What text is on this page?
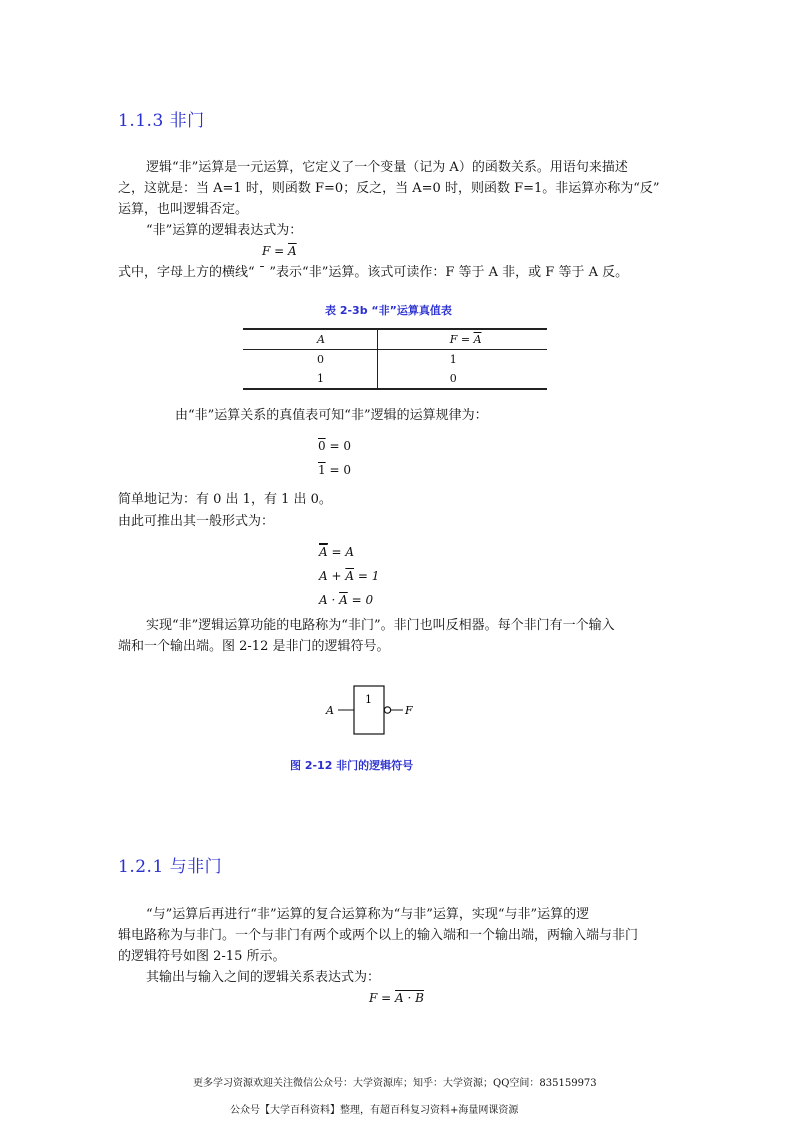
1.1.3 非门
逻辑“非”运算是一元运算，它定义了一个变量（记为 A）的函数关系。用语句来描述
之，这就是：当 A=1 时，则函数 F=0；反之，当 A=0 时，则函数 F=1。非运算亦称为“反”
运算，也叫逻辑否定。
“非”运算的逻辑表达式为：
$F = \overline{A}$
式中，字母上方的横线“ ¯ ”表示“非”运算。该式可读作：F 等于 A 非，或 F 等于 A 反。
表 2-3b “非”运算真值表
A	$F = \overline{A}$
0	1
1	0
由“非”运算关系的真值表可知“非”逻辑的运算规律为：
0 = 0
1 = 0
简单地记为：有 0 出 1，有 1 出 0。
由此可推出其一般形式为：
$\overline{A} = A$
$A + \overline{A} = 1$
$A \cdot \overline{A} = 0$
实现“非”逻辑运算功能的电路称为“非门”。非门也叫反相器。每个非门有一个输入
端和一个输出端。图 2-12 是非门的逻辑符号。
A
1
F
图 2-12 非门的逻辑符号
1.2.1 与非门
“与”运算后再进行“非”运算的复合运算称为“与非”运算，实现“与非”运算的逻
辑电路称为与非门。一个与非门有两个或两个以上的输入端和一个输出端，两输入端与非门
的逻辑符号如图 2-15 所示。
其输出与输入之间的逻辑关系表达式为：
F = A · B
更多学习资源欢迎关注微信公众号：大学资源库；知乎：大学资源；QQ空间：835159973
公众号【大学百科资料】整理，有超百科复习资料+海量网课资源
